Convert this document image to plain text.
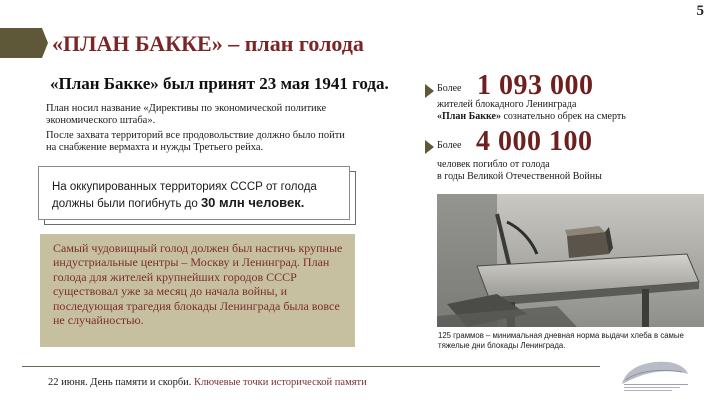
5
«ПЛАН БАККЕ» – план голода
«План Бакке» был принят 23 мая 1941 года.
План носил название «Директивы по экономической политике экономического штаба».
После захвата территорий все продовольствие должно было пойти на снабжение вермахта и нужды Третьего рейха.
На оккупированных территориях СССР от голода должны были погибнуть до 30 млн человек.
Самый чудовищный голод должен был настичь крупные индустриальные центры – Москву и Ленинград. План голода для жителей крупнейших городов СССР существовал уже за месяц до начала войны, и последующая трагедия блокады Ленинграда была вовсе не случайностью.
Более 1 093 000
жителей блокадного Ленинграда
«План Бакке» сознательно обрек на смерть
Более 4 000 100
человек погибло от голода
в годы Великой Отечественной Войны
125 граммов – минимальная дневная норма выдачи хлеба в самые тяжелые дни блокады Ленинграда.
22 июня. День памяти и скорби. Ключевые точки исторической памяти
